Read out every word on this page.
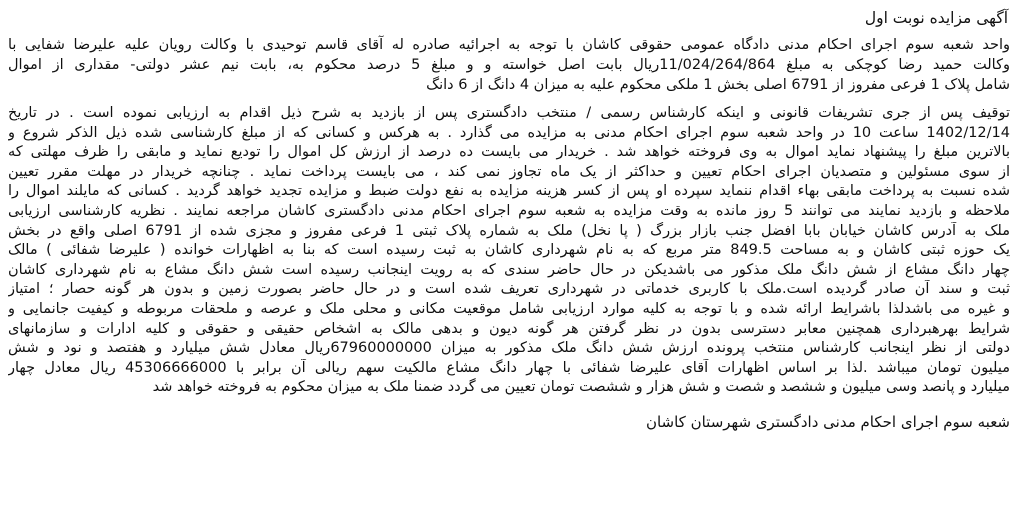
آگهی مزایده نوبت اول
واحد شعبه سوم اجرای احکام مدنی دادگاه عمومی حقوقی کاشان با توجه به اجرائیه صادره له آقای قاسم توحیدی با وکالت رویان علیه علیرضا شفایی با
وکالت حمید رضا کوچکی به مبلغ 11/024/264/864ریال بابت اصل خواسته و و مبلغ 5 درصد محکوم به، بابت نیم عشر دولتی- مقداری از اموال
شامل پلاک 1 فرعی مفروز از 6791 اصلی بخش 1 ملکی محکوم علیه به میزان 4 دانگ از 6 دانگ
توقیف پس از جری تشریفات قانونی و اینکه کارشناس رسمی / منتخب دادگستری پس از بازدید به شرح ذیل اقدام به ارزیابی نموده است . در تاریخ
1402/12/14 ساعت 10 در واحد شعبه سوم اجرای احکام مدنی به مزایده می گذارد . به هرکس و کسانی که از مبلغ کارشناسی شده ذیل الذکر شروع و
بالاترین مبلغ را پیشنهاد نماید اموال به وی فروخته خواهد شد . خریدار می بایست ده درصد از ارزش کل اموال را تودیع نماید و مابقی را ظرف مهلتی که
از سوی مسئولین و متصدیان اجرای احکام تعیین و حداکثر از یک ماه تجاوز نمی کند ، می بایست پرداخت نماید . چنانچه خریدار در مهلت مقرر تعیین
شده نسبت به پرداخت مابقی بهاء اقدام ننماید سپرده او پس از کسر هزینه مزایده به نفع دولت ضبط و مزایده تجدید خواهد گردید . کسانی که مایلند اموال را
ملاحظه و بازدید نمایند می توانند 5 روز مانده به وقت مزایده به شعبه سوم اجرای احکام مدنی دادگستری کاشان مراجعه نمایند . نظریه کارشناسی ارزیابی
ملک به آدرس کاشان خیابان بابا افضل جنب بازار بزرگ ( پا نخل) ملک به شماره پلاک ثبتی 1 فرعی مفروز و مجزی شده از 6791 اصلی واقع در بخش
یک حوزه ثبتی کاشان و به مساحت 849.5 متر مربع که به نام شهرداری کاشان به ثبت رسیده است که بنا به اظهارات خوانده ( علیرضا شفائی ) مالک
چهار دانگ مشاع از شش دانگ ملک مذکور می باشدیکن در حال حاضر سندی که به رویت اینجانب رسیده است شش دانگ مشاع به نام شهرداری کاشان
ثبت و سند آن صادر گردیده است.ملک با کاربری خدماتی در شهرداری تعریف شده است و در حال حاضر بصورت زمین و بدون هر گونه حصار ؛ امتیاز
و غیره می باشدلذا باشرایط ارائه شده و با توجه به کلیه موارد ارزیابی شامل موقعیت مکانی و محلی ملک و عرصه و ملحقات مربوطه و کیفیت جانمایی و
شرایط بهرهبرداری همچنین معابر دسترسی بدون در نظر گرفتن هر گونه دیون و بدهی مالک به اشخاص حقیقی و حقوقی و کلیه ادارات و سازمانهای
دولتی از نظر اینجانب کارشناس منتخب پرونده ارزش شش دانگ ملک مذکور به میزان 67960000000ریال معادل شش میلیارد و هفتصد و نود و شش
میلیون تومان میباشد .لذا بر اساس اظهارات آقای علیرضا شفائی با چهار دانگ مشاع مالکیت سهم ریالی آن برابر با 45306666000 ریال معادل چهار
میلیارد و پانصد وسی میلیون و ششصد و شصت و شش هزار و ششصت تومان تعیین می گردد ضمنا ملک به میزان محکوم به فروخته خواهد شد
شعبه سوم اجرای احکام مدنی دادگستری شهرستان کاشان
